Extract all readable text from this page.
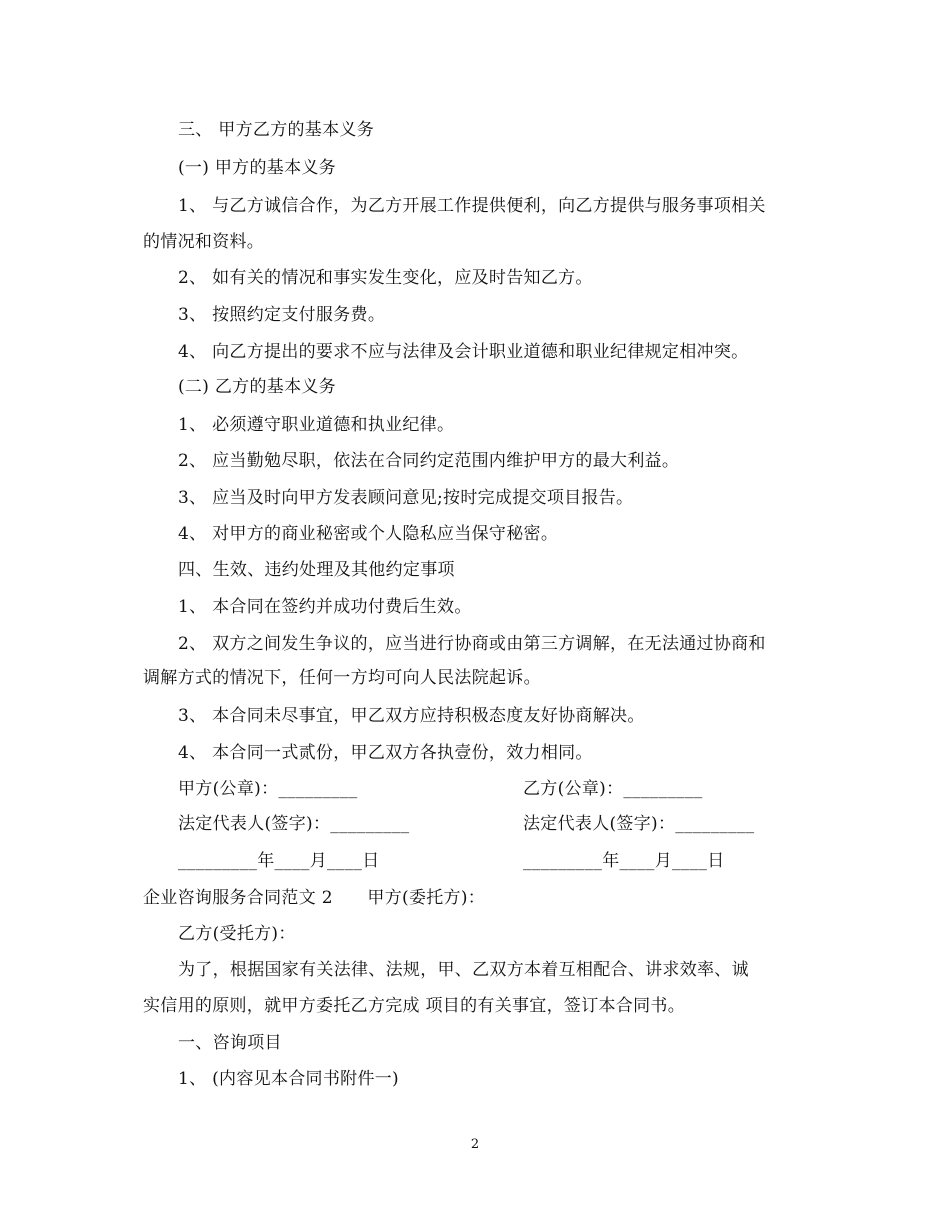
三、 甲方乙方的基本义务
(一) 甲方的基本义务
1、 与乙方诚信合作，为乙方开展工作提供便利，向乙方提供与服务事项相关
的情况和资料。
2、 如有关的情况和事实发生变化，应及时告知乙方。
3、 按照约定支付服务费。
4、 向乙方提出的要求不应与法律及会计职业道德和职业纪律规定相冲突。
(二) 乙方的基本义务
1、 必须遵守职业道德和执业纪律。
2、 应当勤勉尽职，依法在合同约定范围内维护甲方的最大利益。
3、 应当及时向甲方发表顾问意见;按时完成提交项目报告。
4、 对甲方的商业秘密或个人隐私应当保守秘密。
四、生效、违约处理及其他约定事项
1、 本合同在签约并成功付费后生效。
2、 双方之间发生争议的，应当进行协商或由第三方调解，在无法通过协商和
调解方式的情况下，任何一方均可向人民法院起诉。
3、 本合同未尽事宜，甲乙双方应持积极态度友好协商解决。
4、 本合同一式贰份，甲乙双方各执壹份，效力相同。
甲方(公章)：_________	乙方(公章)：_________
法定代表人(签字)：_________	法定代表人(签字)：_________
_________年____月____日	_________年____月____日
企业咨询服务合同范文 2　　甲方(委托方)：
乙方(受托方)：
为了，根据国家有关法律、法规，甲、乙双方本着互相配合、讲求效率、诚
实信用的原则，就甲方委托乙方完成 项目的有关事宜，签订本合同书。
一、咨询项目
1、 (内容见本合同书附件一)
2
